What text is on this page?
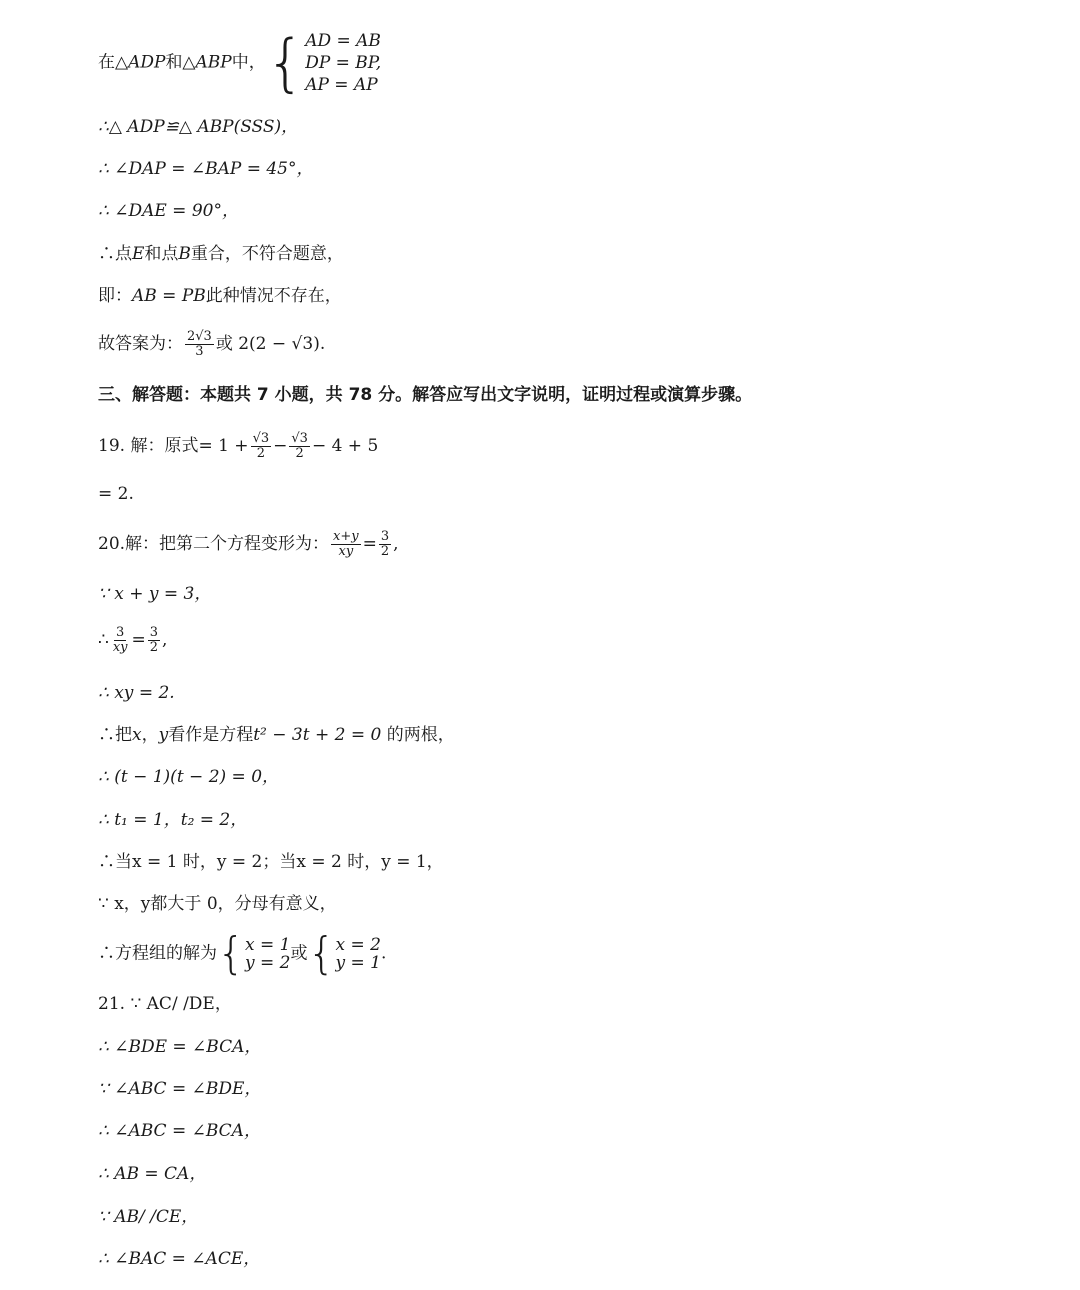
在△ADP和△ABP中， { AD = AB
DP = BP,
AP = AP
∴△ ADP≌△ ABP(SSS)，
∴ ∠DAP = ∠BAP = 45°，
∴ ∠DAE = 90°，
∴点E和点B重合，不符合题意，
即：AB = PB此种情况不存在，
故答案为： $\frac{2√3}{3}$ 或 2(2 − √3).
三、解答题：本题共 7 小题，共 78 分。解答应写出文字说明，证明过程或演算步骤。
19. 解：原式= $1 + \frac{√3}{2} - \frac{√3}{2} - 4 + 5$
= 2.
20.解：把第二个方程变形为： $\frac{x+y}{xy} = \frac{3}{2}$ ,
∵ x + y = 3，
∴ $\frac{3}{xy} = \frac{3}{2}$ ,
∴ xy = 2.
∴把x，y看作是方程t² − 3t + 2 = 0 的两根，
∴ (t − 1)(t − 2) = 0，
∴ t₁ = 1，t₂ = 2，
∴当x = 1 时，y = 2；当x = 2 时，y = 1，
∵ x，y都大于 0，分母有意义，
∴方程组的解为 { x = 1
y = 2 或 { x = 2
y = 1 .
21. ∵ AC/ /DE，
∴ ∠BDE = ∠BCA，
∵ ∠ABC = ∠BDE，
∴ ∠ABC = ∠BCA，
∴ AB = CA，
∵ AB/ /CE，
∴ ∠BAC = ∠ACE，
